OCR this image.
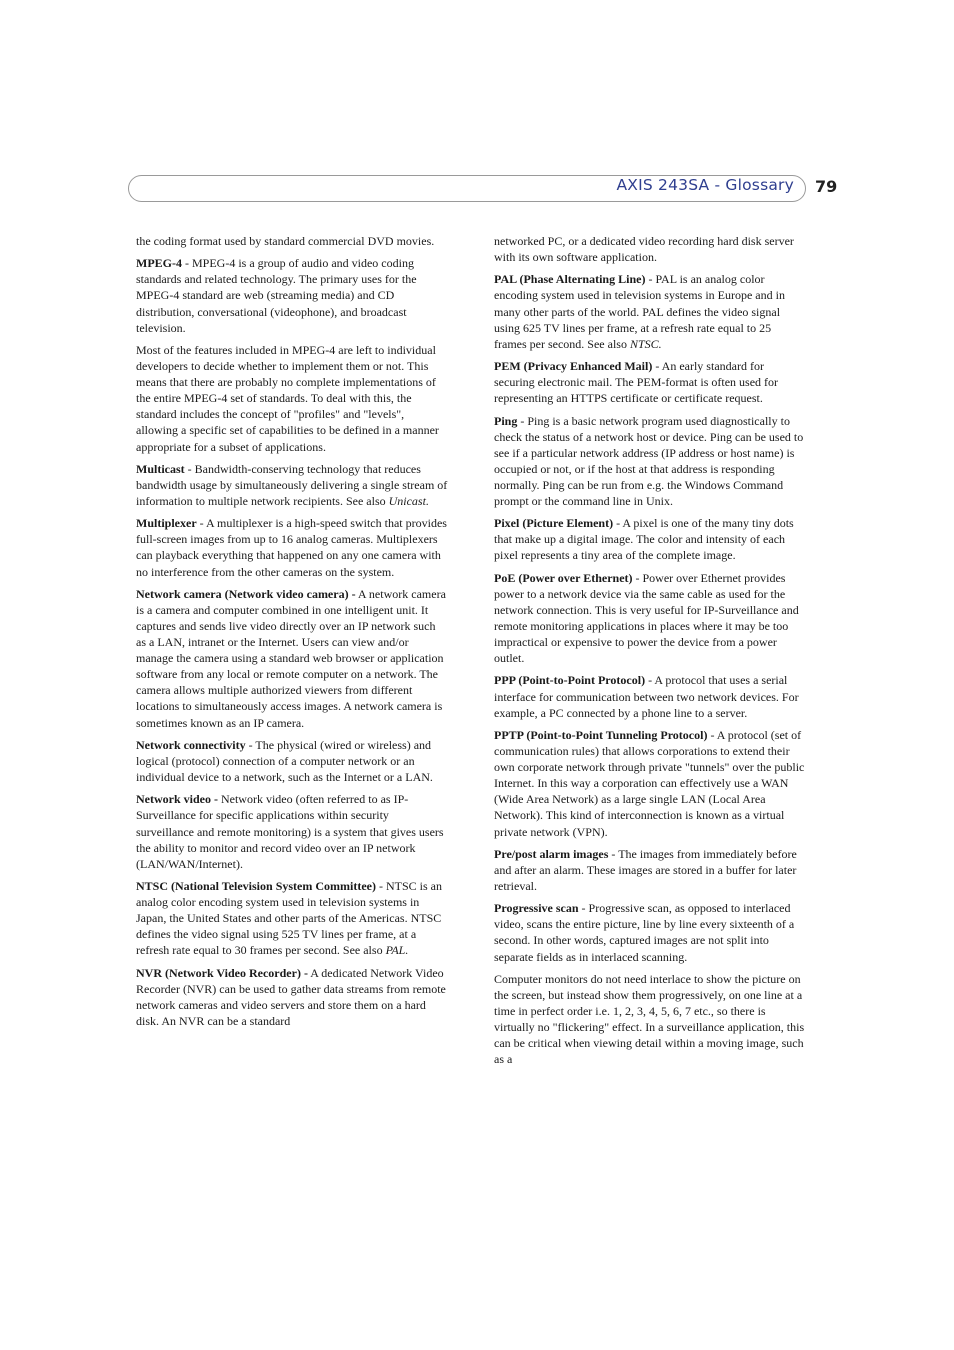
AXIS 243SA - Glossary 79

the coding format used by standard commercial DVD movies.

MPEG-4 - MPEG-4 is a group of audio and video coding standards and related technology. The primary uses for the MPEG-4 standard are web (streaming media) and CD distribution, conversational (videophone), and broadcast television.

Most of the features included in MPEG-4 are left to individual developers to decide whether to implement them or not. This means that there are probably no complete implementations of the entire MPEG-4 set of standards. To deal with this, the standard includes the concept of "profiles" and "levels", allowing a specific set of capabilities to be defined in a manner appropriate for a subset of applications.

Multicast - Bandwidth-conserving technology that reduces bandwidth usage by simultaneously delivering a single stream of information to multiple network recipients. See also Unicast.

Multiplexer - A multiplexer is a high-speed switch that provides full-screen images from up to 16 analog cameras. Multiplexers can playback everything that happened on any one camera with no interference from the other cameras on the system.

Network camera (Network video camera) - A network camera is a camera and computer combined in one intelligent unit. It captures and sends live video directly over an IP network such as a LAN, intranet or the Internet. Users can view and/or manage the camera using a standard web browser or application software from any local or remote computer on a network. The camera allows multiple authorized viewers from different locations to simultaneously access images. A network camera is sometimes known as an IP camera.

Network connectivity - The physical (wired or wireless) and logical (protocol) connection of a computer network or an individual device to a network, such as the Internet or a LAN.

Network video - Network video (often referred to as IP-Surveillance for specific applications within security surveillance and remote monitoring) is a system that gives users the ability to monitor and record video over an IP network (LAN/WAN/Internet).

NTSC (National Television System Committee) - NTSC is an analog color encoding system used in television systems in Japan, the United States and other parts of the Americas. NTSC defines the video signal using 525 TV lines per frame, at a refresh rate equal to 30 frames per second. See also PAL.

NVR (Network Video Recorder) - A dedicated Network Video Recorder (NVR) can be used to gather data streams from remote network cameras and video servers and store them on a hard disk. An NVR can be a standard

networked PC, or a dedicated video recording hard disk server with its own software application.

PAL (Phase Alternating Line) - PAL is an analog color encoding system used in television systems in Europe and in many other parts of the world. PAL defines the video signal using 625 TV lines per frame, at a refresh rate equal to 25 frames per second. See also NTSC.

PEM (Privacy Enhanced Mail) - An early standard for securing electronic mail. The PEM-format is often used for representing an HTTPS certificate or certificate request.

Ping - Ping is a basic network program used diagnostically to check the status of a network host or device. Ping can be used to see if a particular network address (IP address or host name) is occupied or not, or if the host at that address is responding normally. Ping can be run from e.g. the Windows Command prompt or the command line in Unix.

Pixel (Picture Element) - A pixel is one of the many tiny dots that make up a digital image. The color and intensity of each pixel represents a tiny area of the complete image.

PoE (Power over Ethernet) - Power over Ethernet provides power to a network device via the same cable as used for the network connection. This is very useful for IP-Surveillance and remote monitoring applications in places where it may be too impractical or expensive to power the device from a power outlet.

PPP (Point-to-Point Protocol) - A protocol that uses a serial interface for communication between two network devices. For example, a PC connected by a phone line to a server.

PPTP (Point-to-Point Tunneling Protocol) - A protocol (set of communication rules) that allows corporations to extend their own corporate network through private "tunnels" over the public Internet. In this way a corporation can effectively use a WAN (Wide Area Network) as a large single LAN (Local Area Network). This kind of interconnection is known as a virtual private network (VPN).

Pre/post alarm images - The images from immediately before and after an alarm. These images are stored in a buffer for later retrieval.

Progressive scan - Progressive scan, as opposed to interlaced video, scans the entire picture, line by line every sixteenth of a second. In other words, captured images are not split into separate fields as in interlaced scanning.

Computer monitors do not need interlace to show the picture on the screen, but instead show them progressively, on one line at a time in perfect order i.e. 1, 2, 3, 4, 5, 6, 7 etc., so there is virtually no "flickering" effect. In a surveillance application, this can be critical when viewing detail within a moving image, such as a
